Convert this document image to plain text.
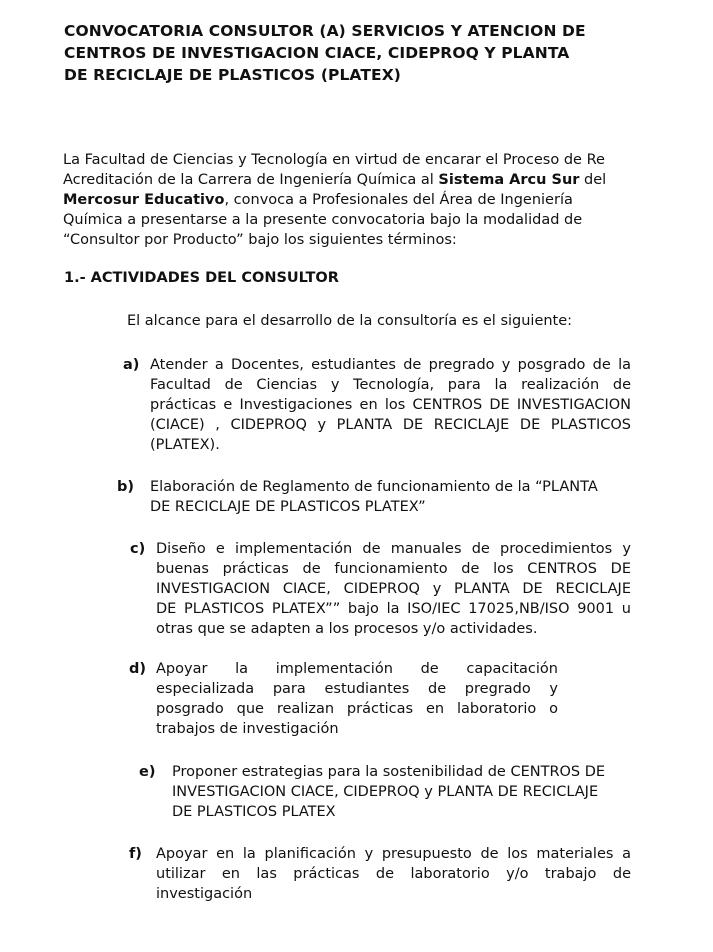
CONVOCATORIA CONSULTOR (A) SERVICIOS Y ATENCION DE
CENTROS DE INVESTIGACION CIACE, CIDEPROQ Y PLANTA
DE RECICLAJE DE PLASTICOS (PLATEX)

La Facultad de Ciencias y Tecnología en virtud de encarar el Proceso de Re
Acreditación de la Carrera de Ingeniería Química al Sistema Arcu Sur del
Mercosur Educativo, convoca a Profesionales del Área de Ingeniería
Química a presentarse a la presente convocatoria bajo la modalidad de
“Consultor por Producto” bajo los siguientes términos:

1.- ACTIVIDADES DEL CONSULTOR

El alcance para el desarrollo de la consultoría es el siguiente:

a) Atender a Docentes, estudiantes de pregrado y posgrado de la
Facultad de Ciencias y Tecnología, para la realización de
prácticas e Investigaciones en los CENTROS DE INVESTIGACION
(CIACE) , CIDEPROQ y PLANTA DE RECICLAJE DE PLASTICOS
(PLATEX).
b) Elaboración de Reglamento de funcionamiento de la “PLANTA
DE RECICLAJE DE PLASTICOS PLATEX”
c) Diseño e implementación de manuales de procedimientos y
buenas prácticas de funcionamiento de los CENTROS DE
INVESTIGACION CIACE, CIDEPROQ y PLANTA DE RECICLAJE
DE PLASTICOS PLATEX”” bajo la ISO/IEC 17025,NB/ISO 9001 u
otras que se adapten a los procesos y/o actividades.
d) Apoyar la implementación de capacitación
especializada para estudiantes de pregrado y
posgrado que realizan prácticas en laboratorio o
trabajos de investigación
e) Proponer estrategias para la sostenibilidad de CENTROS DE
INVESTIGACION CIACE, CIDEPROQ y PLANTA DE RECICLAJE
DE PLASTICOS PLATEX
f) Apoyar en la planificación y presupuesto de los materiales a
utilizar en las prácticas de laboratorio y/o trabajo de
investigación
